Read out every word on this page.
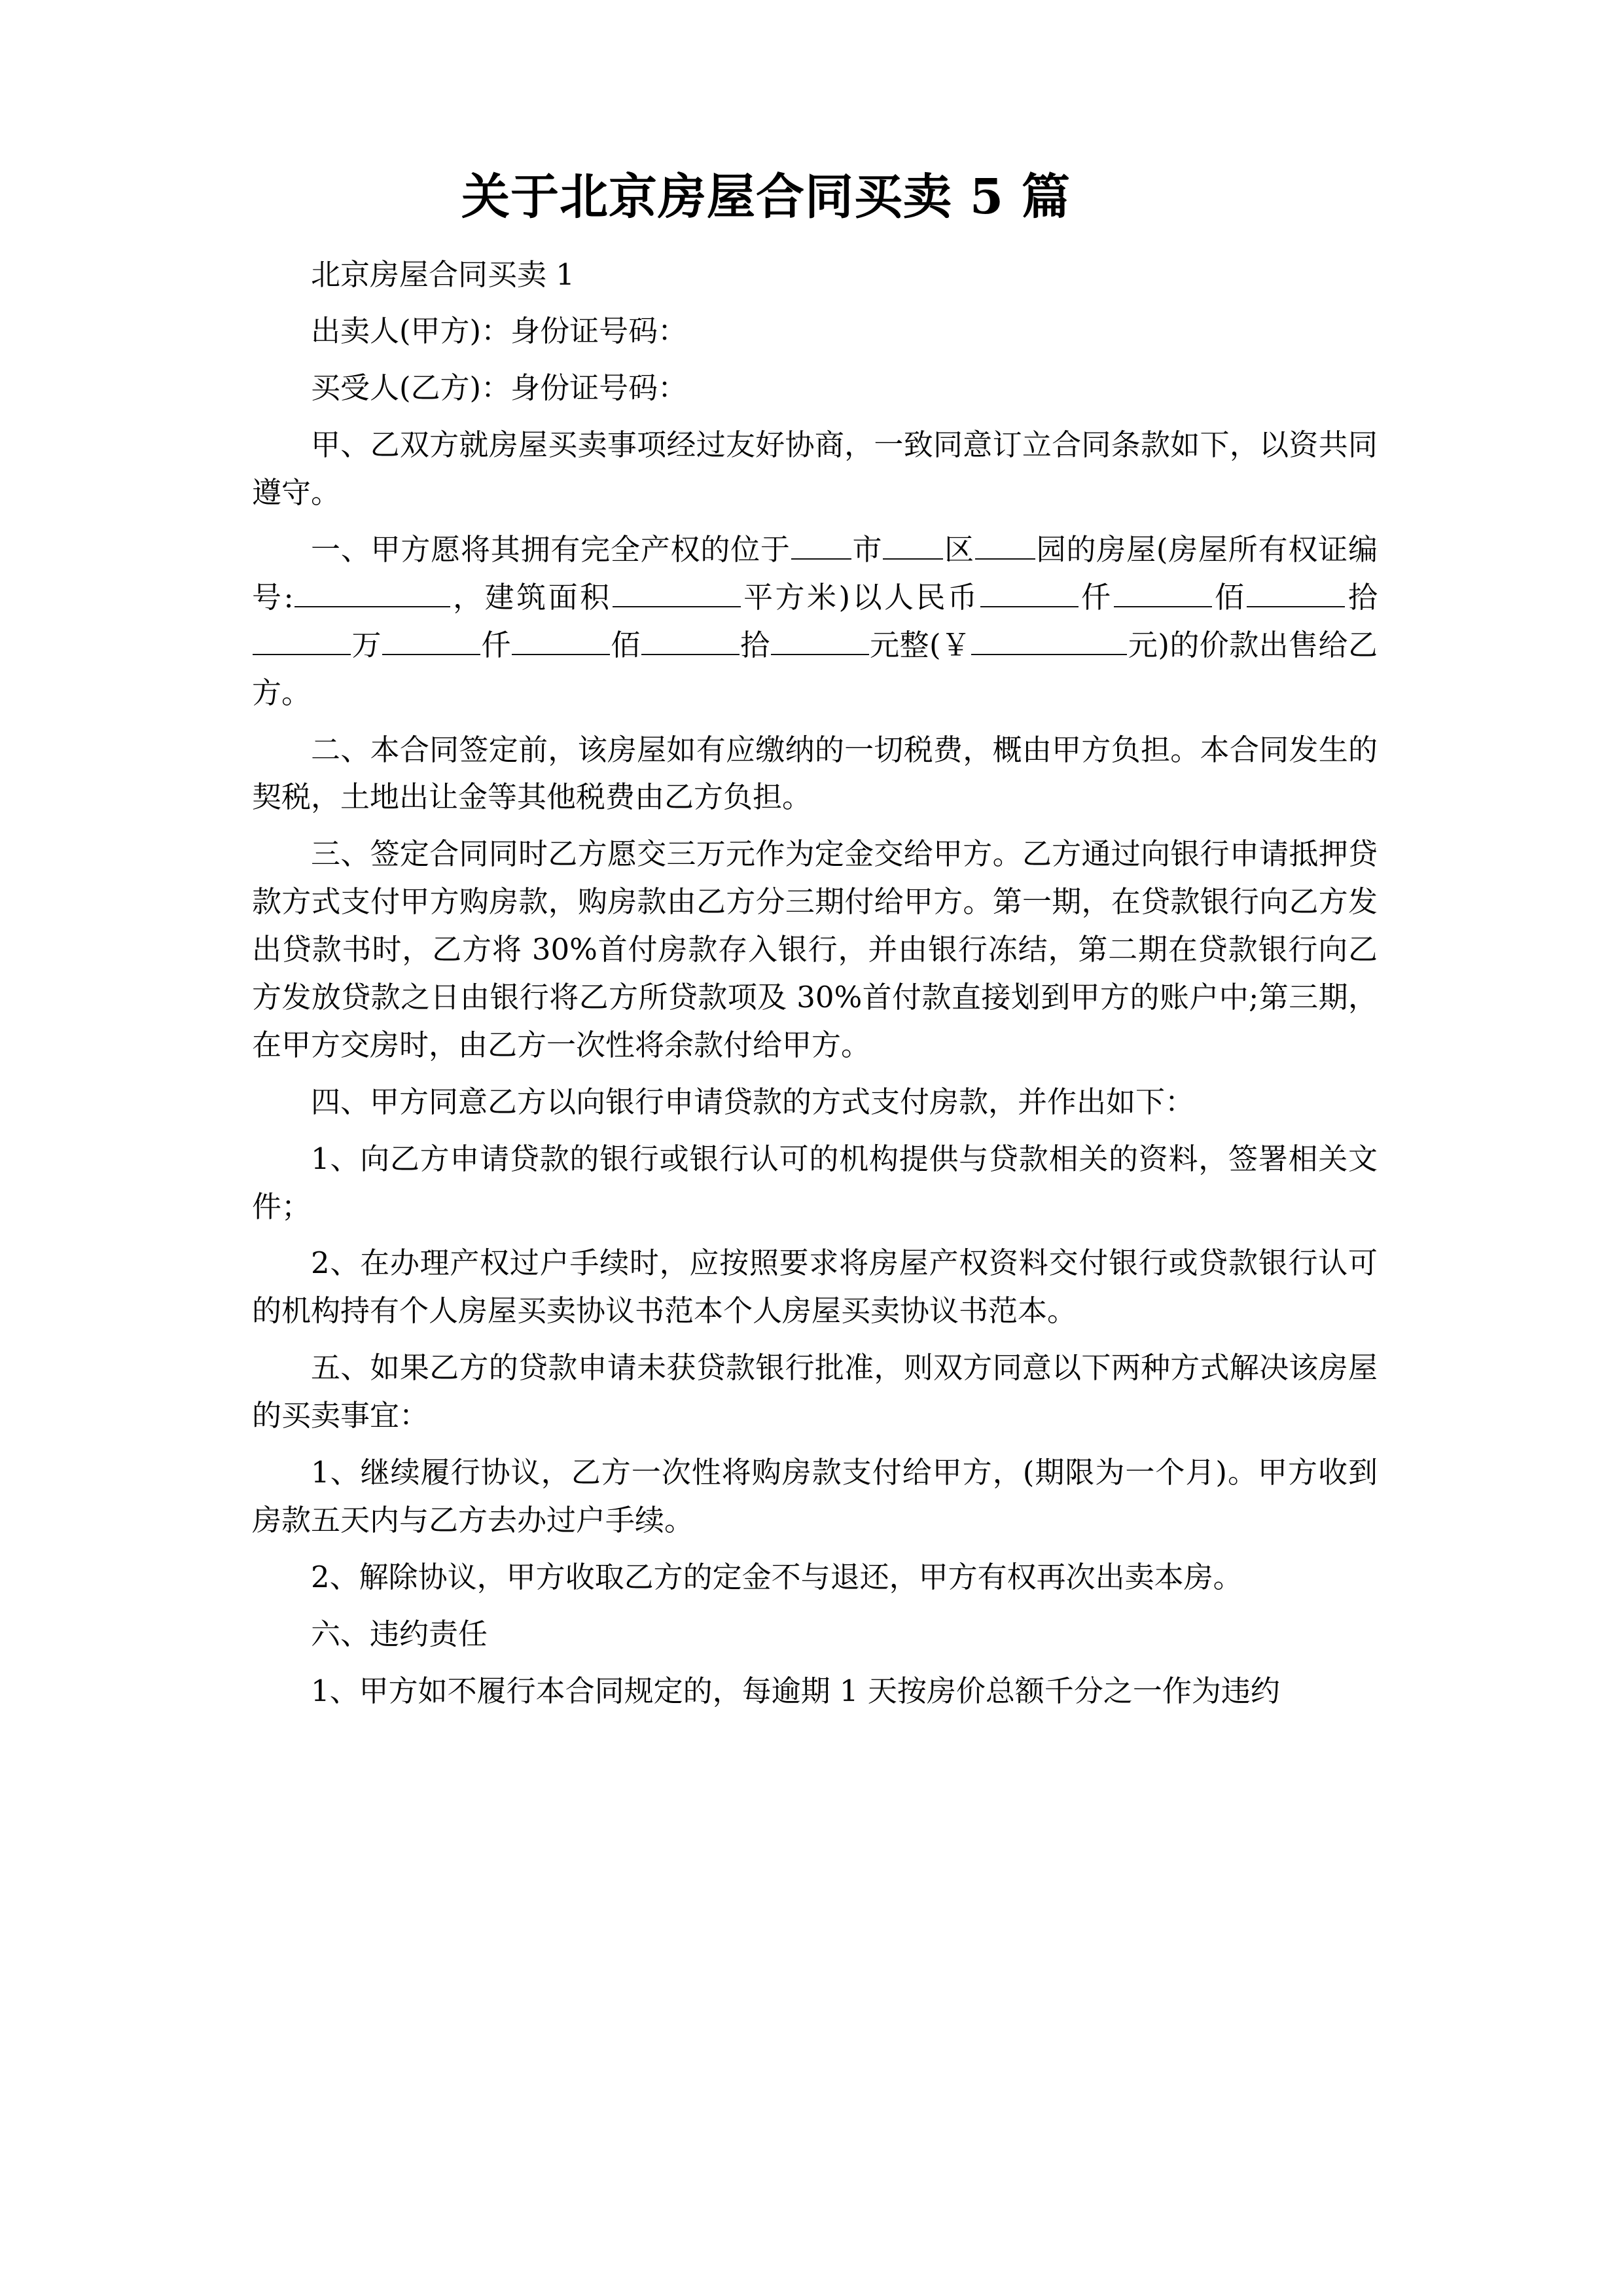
关于北京房屋合同买卖 5 篇

北京房屋合同买卖 1

出卖人(甲方)：身份证号码：

买受人(乙方)：身份证号码：

甲、乙双方就房屋买卖事项经过友好协商，一致同意订立合同条款如下，以资共同遵守。

一、甲方愿将其拥有完全产权的位于 市 区 园的房屋(房屋所有权证编号:	，建筑面积	平方米)以人民币	仟	佰	拾万	仟	佰	拾	元整(￥	元)的价款出售给乙方。

二、本合同签定前，该房屋如有应缴纳的一切税费，概由甲方负担。本合同发生的契税，土地出让金等其他税费由乙方负担。

三、签定合同同时乙方愿交三万元作为定金交给甲方。乙方通过向银行申请抵押贷款方式支付甲方购房款，购房款由乙方分三期付给甲方。第一期，在贷款银行向乙方发出贷款书时，乙方将 30%首付房款存入银行，并由银行冻结，第二期在贷款银行向乙方发放贷款之日由银行将乙方所贷款项及 30%首付款直接划到甲方的账户中;第三期，在甲方交房时，由乙方一次性将余款付给甲方。

四、甲方同意乙方以向银行申请贷款的方式支付房款，并作出如下：

1、向乙方申请贷款的银行或银行认可的机构提供与贷款相关的资料，签署相关文件；

2、在办理产权过户手续时，应按照要求将房屋产权资料交付银行或贷款银行认可的机构持有个人房屋买卖协议书范本个人房屋买卖协议书范本。

五、如果乙方的贷款申请未获贷款银行批准，则双方同意以下两种方式解决该房屋的买卖事宜：

1、继续履行协议，乙方一次性将购房款支付给甲方，(期限为一个月)。甲方收到房款五天内与乙方去办过户手续。

2、解除协议，甲方收取乙方的定金不与退还，甲方有权再次出卖本房。

六、违约责任

1、甲方如不履行本合同规定的，每逾期 1 天按房价总额千分之一作为违约
